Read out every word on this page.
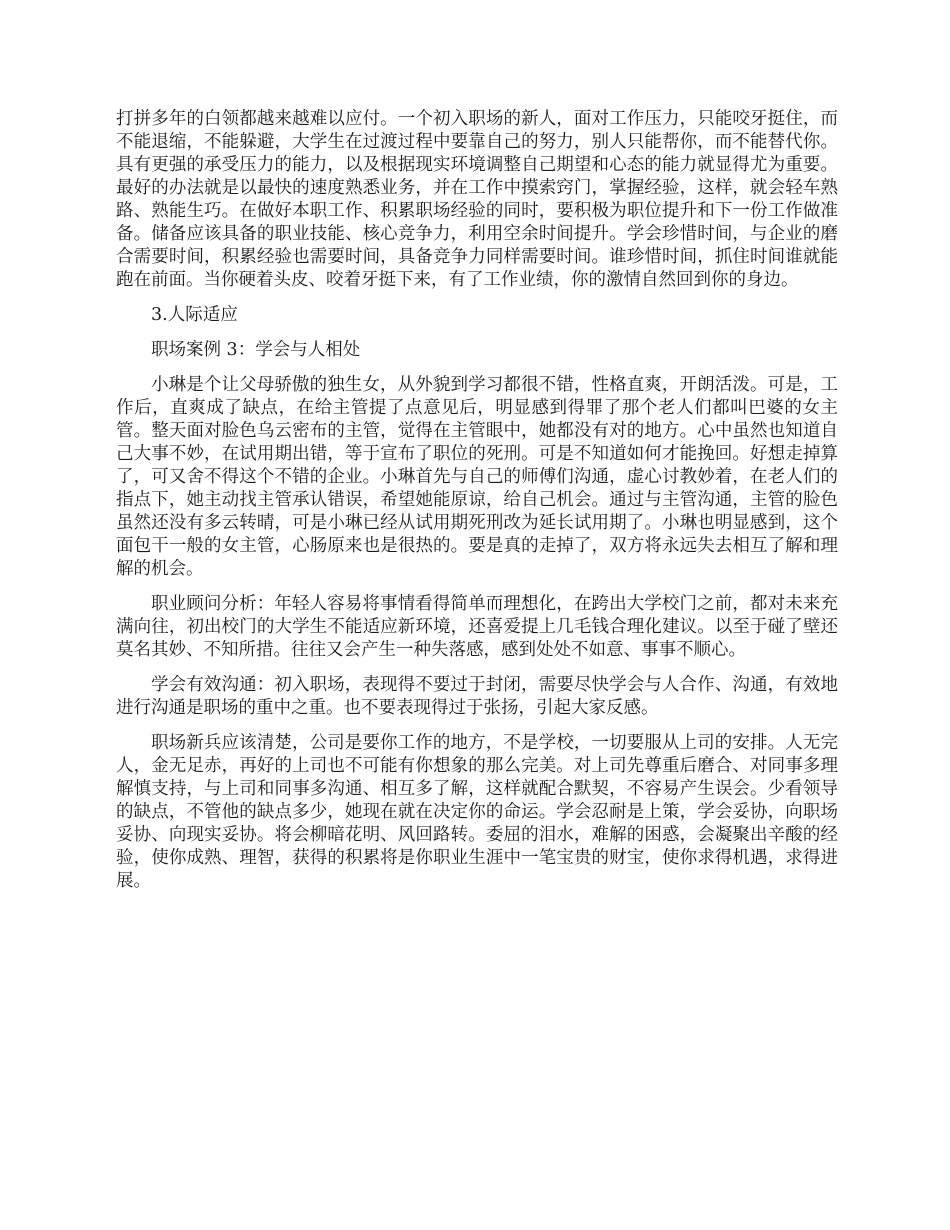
打拼多年的白领都越来越难以应付。一个初入职场的新人，面对工作压力，只能咬牙挺住，而不能退缩，不能躲避，大学生在过渡过程中要靠自己的努力，别人只能帮你，而不能替代你。具有更强的承受压力的能力，以及根据现实环境调整自己期望和心态的能力就显得尤为重要。最好的办法就是以最快的速度熟悉业务，并在工作中摸索窍门，掌握经验，这样，就会轻车熟路、熟能生巧。在做好本职工作、积累职场经验的同时，要积极为职位提升和下一份工作做准备。储备应该具备的职业技能、核心竞争力，利用空余时间提升。学会珍惜时间，与企业的磨合需要时间，积累经验也需要时间，具备竞争力同样需要时间。谁珍惜时间，抓住时间谁就能跑在前面。当你硬着头皮、咬着牙挺下来，有了工作业绩，你的激情自然回到你的身边。

3.人际适应

职场案例 3：学会与人相处

小琳是个让父母骄傲的独生女，从外貌到学习都很不错，性格直爽，开朗活泼。可是，工作后，直爽成了缺点，在给主管提了点意见后，明显感到得罪了那个老人们都叫巴婆的女主管。整天面对脸色乌云密布的主管，觉得在主管眼中，她都没有对的地方。心中虽然也知道自己大事不妙，在试用期出错，等于宣布了职位的死刑。可是不知道如何才能挽回。好想走掉算了，可又舍不得这个不错的企业。小琳首先与自己的师傅们沟通，虚心讨教妙着，在老人们的指点下，她主动找主管承认错误，希望她能原谅，给自己机会。通过与主管沟通，主管的脸色虽然还没有多云转晴，可是小琳已经从试用期死刑改为延长试用期了。小琳也明显感到，这个面包干一般的女主管，心肠原来也是很热的。要是真的走掉了，双方将永远失去相互了解和理解的机会。

职业顾问分析：年轻人容易将事情看得简单而理想化，在跨出大学校门之前，都对未来充满向往，初出校门的大学生不能适应新环境，还喜爱提上几毛钱合理化建议。以至于碰了壁还莫名其妙、不知所措。往往又会产生一种失落感，感到处处不如意、事事不顺心。

学会有效沟通：初入职场，表现得不要过于封闭，需要尽快学会与人合作、沟通，有效地进行沟通是职场的重中之重。也不要表现得过于张扬，引起大家反感。

职场新兵应该清楚，公司是要你工作的地方，不是学校，一切要服从上司的安排。人无完人，金无足赤，再好的上司也不可能有你想象的那么完美。对上司先尊重后磨合、对同事多理解慎支持，与上司和同事多沟通、相互多了解，这样就配合默契，不容易产生误会。少看领导的缺点，不管他的缺点多少，她现在就在决定你的命运。学会忍耐是上策，学会妥协，向职场妥协、向现实妥协。将会柳暗花明、风回路转。委屈的泪水，难解的困惑，会凝聚出辛酸的经验，使你成熟、理智，获得的积累将是你职业生涯中一笔宝贵的财宝，使你求得机遇，求得进展。
